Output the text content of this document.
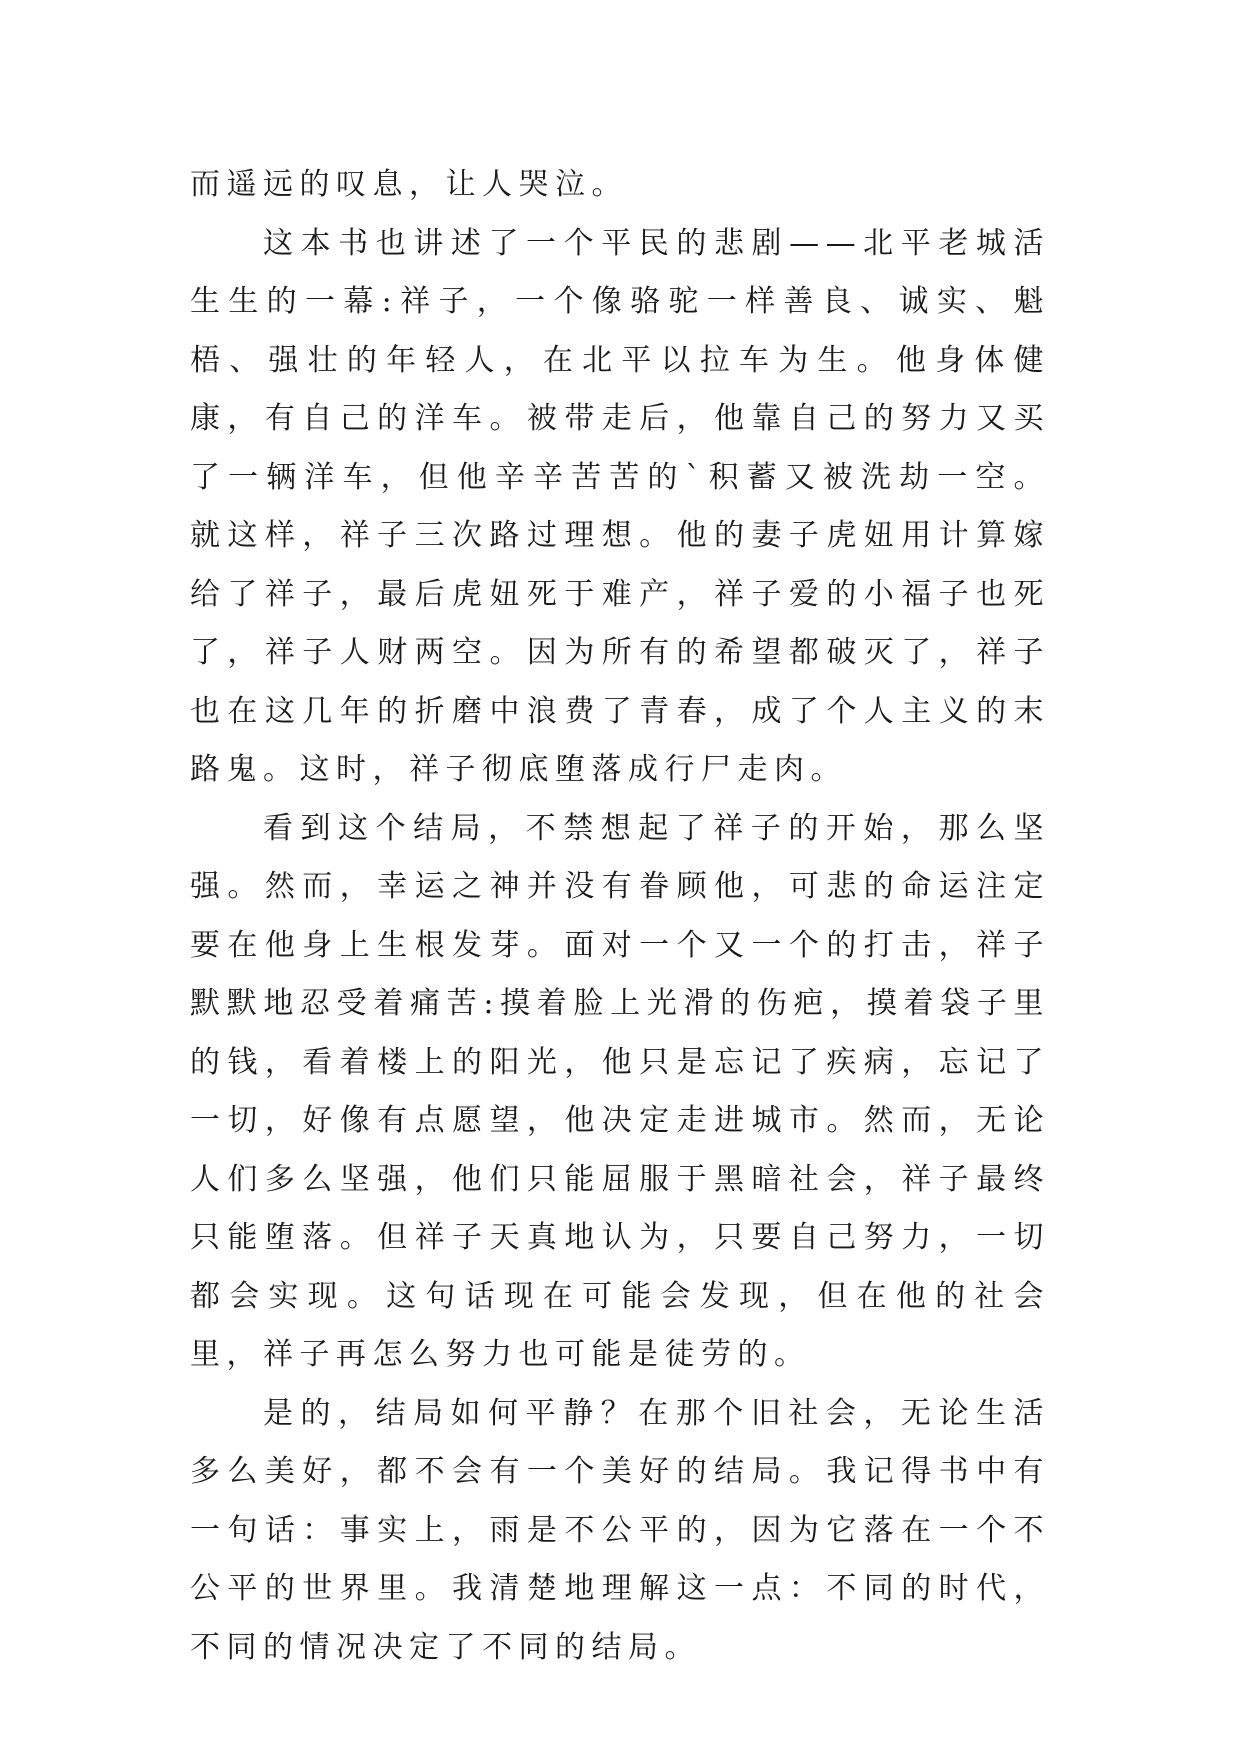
而遥远的叹息，让人哭泣。

这本书也讲述了一个平民的悲剧——北平老城活生生的一幕:祥子，一个像骆驼一样善良、诚实、魁梧、强壮的年轻人，在北平以拉车为生。他身体健康，有自己的洋车。被带走后，他靠自己的努力又买了一辆洋车，但他辛辛苦苦的`积蓄又被洗劫一空。就这样，祥子三次路过理想。他的妻子虎妞用计算嫁给了祥子，最后虎妞死于难产，祥子爱的小福子也死了，祥子人财两空。因为所有的希望都破灭了，祥子也在这几年的折磨中浪费了青春，成了个人主义的末路鬼。这时，祥子彻底堕落成行尸走肉。

看到这个结局，不禁想起了祥子的开始，那么坚强。然而，幸运之神并没有眷顾他，可悲的命运注定要在他身上生根发芽。面对一个又一个的打击，祥子默默地忍受着痛苦:摸着脸上光滑的伤疤，摸着袋子里的钱，看着楼上的阳光，他只是忘记了疾病，忘记了一切，好像有点愿望，他决定走进城市。然而，无论人们多么坚强，他们只能屈服于黑暗社会，祥子最终只能堕落。但祥子天真地认为，只要自己努力，一切都会实现。这句话现在可能会发现，但在他的社会里，祥子再怎么努力也可能是徒劳的。

是的，结局如何平静？在那个旧社会，无论生活多么美好，都不会有一个美好的结局。我记得书中有一句话：事实上，雨是不公平的，因为它落在一个不公平的世界里。我清楚地理解这一点：不同的时代，不同的情况决定了不同的结局。
